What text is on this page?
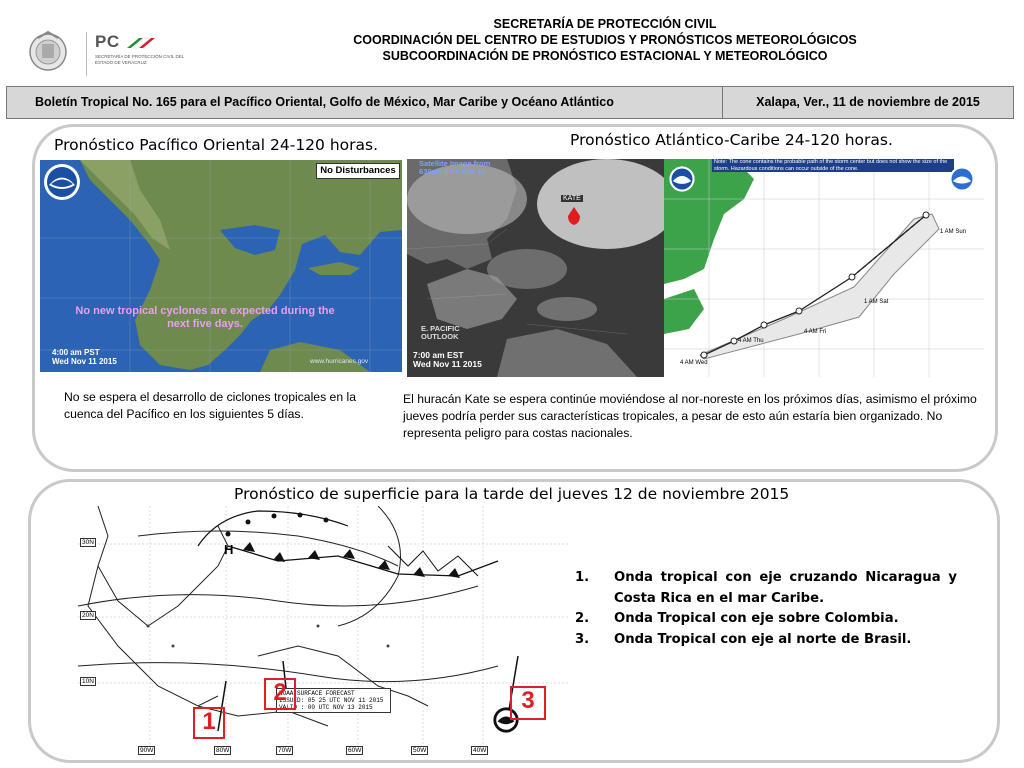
PC
SECRETARÍA DE PROTECCIÓN CIVIL DEL ESTADO DE VERACRUZ
SECRETARÍA DE PROTECCIÓN CIVIL
COORDINACIÓN DEL CENTRO DE ESTUDIOS Y PRONÓSTICOS METEOROLÓGICOS
SUBCOORDINACIÓN DE PRONÓSTICO ESTACIONAL Y METEOROLÓGICO
Boletín Tropical No. 165 para el Pacífico Oriental, Golfo de México, Mar Caribe y Océano Atlántico	Xalapa, Ver., 11 de noviembre de 2015
Pronóstico Pacífico Oriental 24-120 horas.	Pronóstico Atlántico-Caribe 24-120 horas.
No Disturbances
No new tropical cyclones are expected during the next five days.
4:00 am PST
Wed Nov 11 2015	www.hurricanes.gov
Satellite Image from 630am EST Nov 11
KATE
E. PACIFIC OUTLOOK
7:00 am EST
Wed Nov 11 2015
Note: The cone contains the probable path of the storm center but does not show the size of the storm. Hazardous conditions can occur outside of the cone.
4 AM Wed
4 AM Thu
4 AM Fri
1 AM Sat
1 AM Sun
No se espera el desarrollo de ciclones tropicales en la cuenca del Pacífico en los siguientes 5 días.
El huracán Kate se espera continúe moviéndose al nor-noreste en los próximos días, asimismo el próximo jueves podría perder sus características tropicales, a pesar de esto aún estaría bien organizado. No representa peligro para costas nacionales.
Pronóstico de superficie para la tarde del jueves 12 de noviembre 2015
30N
20N
10N
90W	80W	70W	60W	50W	40W
H
NOAA SURFACE FORECAST
ISSUED: 05 25 UTC NOV 11 2015
VALID : 00 UTC NOV 13 2015
1
2	3
1.	Onda tropical con eje cruzando Nicaragua y Costa Rica en el mar Caribe.
2.	Onda Tropical con eje sobre Colombia.
3.	Onda Tropical con eje al norte de Brasil.
